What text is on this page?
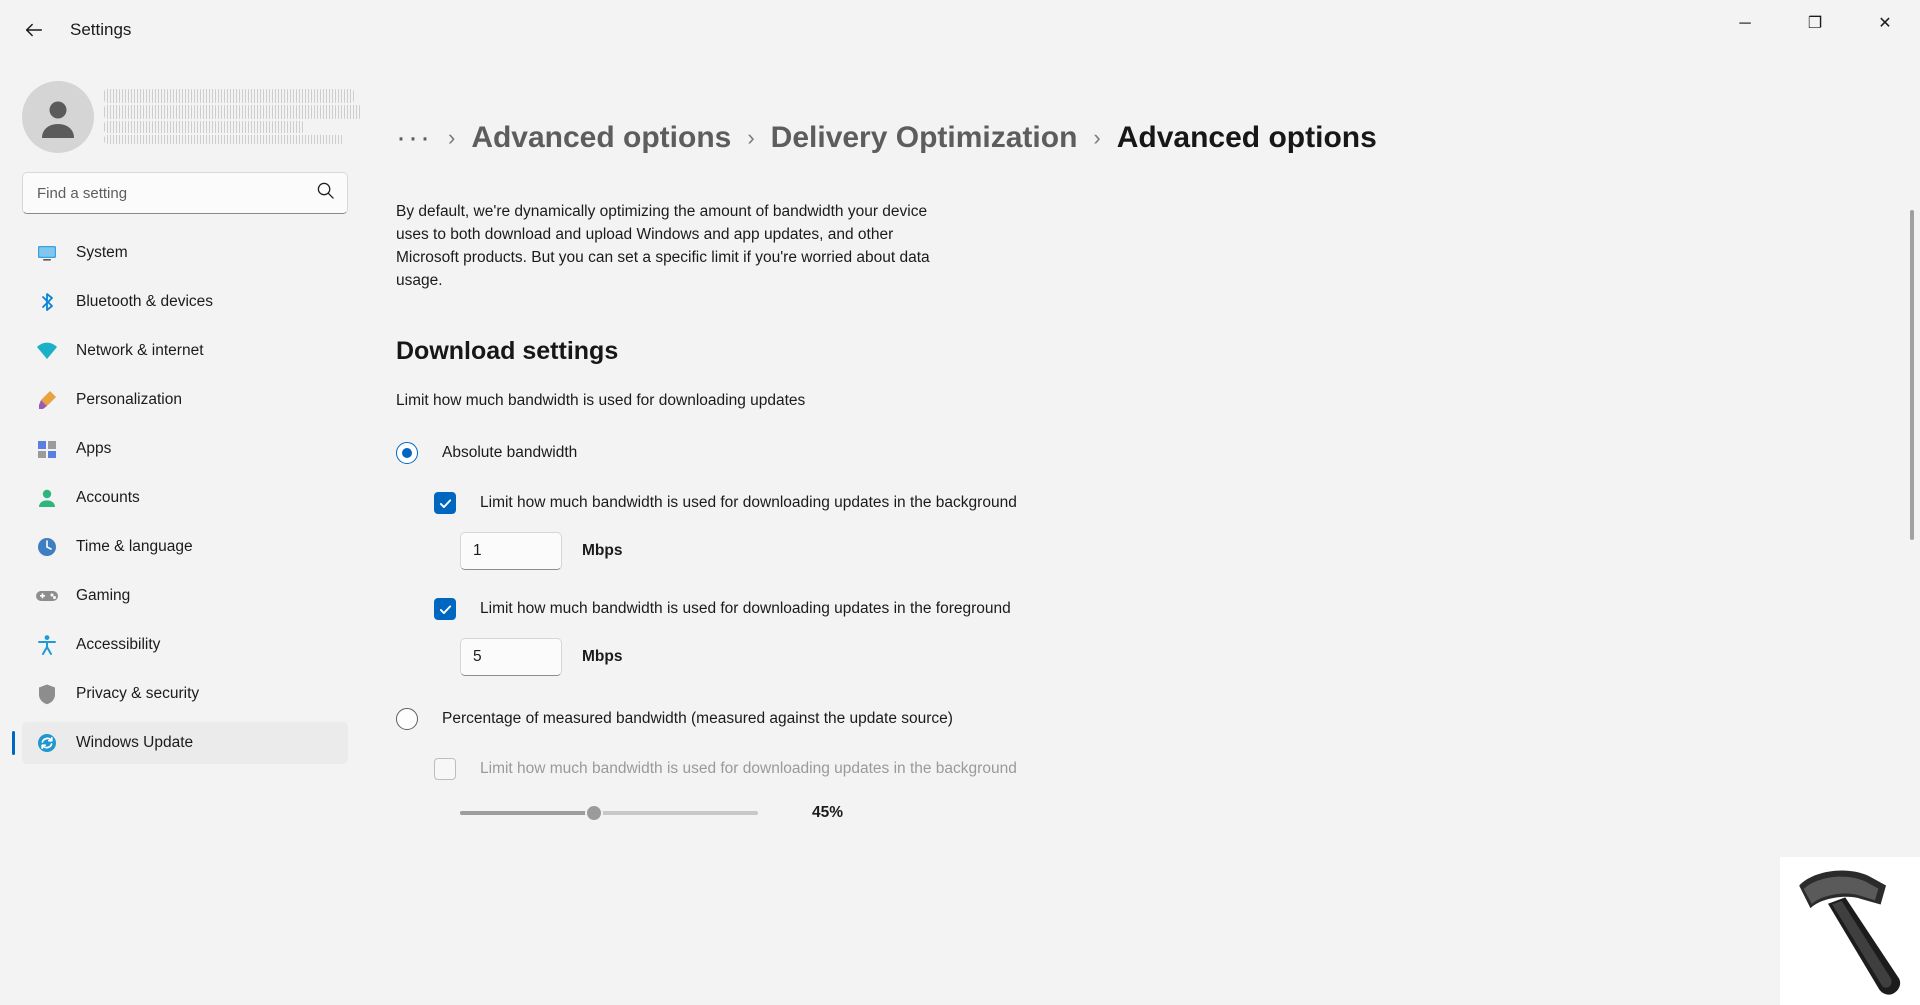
Settings	─	❐	✕
Find a setting
System
Bluetooth & devices
Network & internet
Personalization
Apps
Accounts
Time & language
Gaming
Accessibility
Privacy & security
Windows Update
··· › Advanced options › Delivery Optimization › Advanced options
By default, we're dynamically optimizing the amount of bandwidth your device uses to both download and upload Windows and app updates, and other Microsoft products. But you can set a specific limit if you're worried about data usage.
Download settings
Limit how much bandwidth is used for downloading updates
Absolute bandwidth
Limit how much bandwidth is used for downloading updates in the background
1
Mbps
Limit how much bandwidth is used for downloading updates in the foreground
5
Mbps
Percentage of measured bandwidth (measured against the update source)
Limit how much bandwidth is used for downloading updates in the background
45%
